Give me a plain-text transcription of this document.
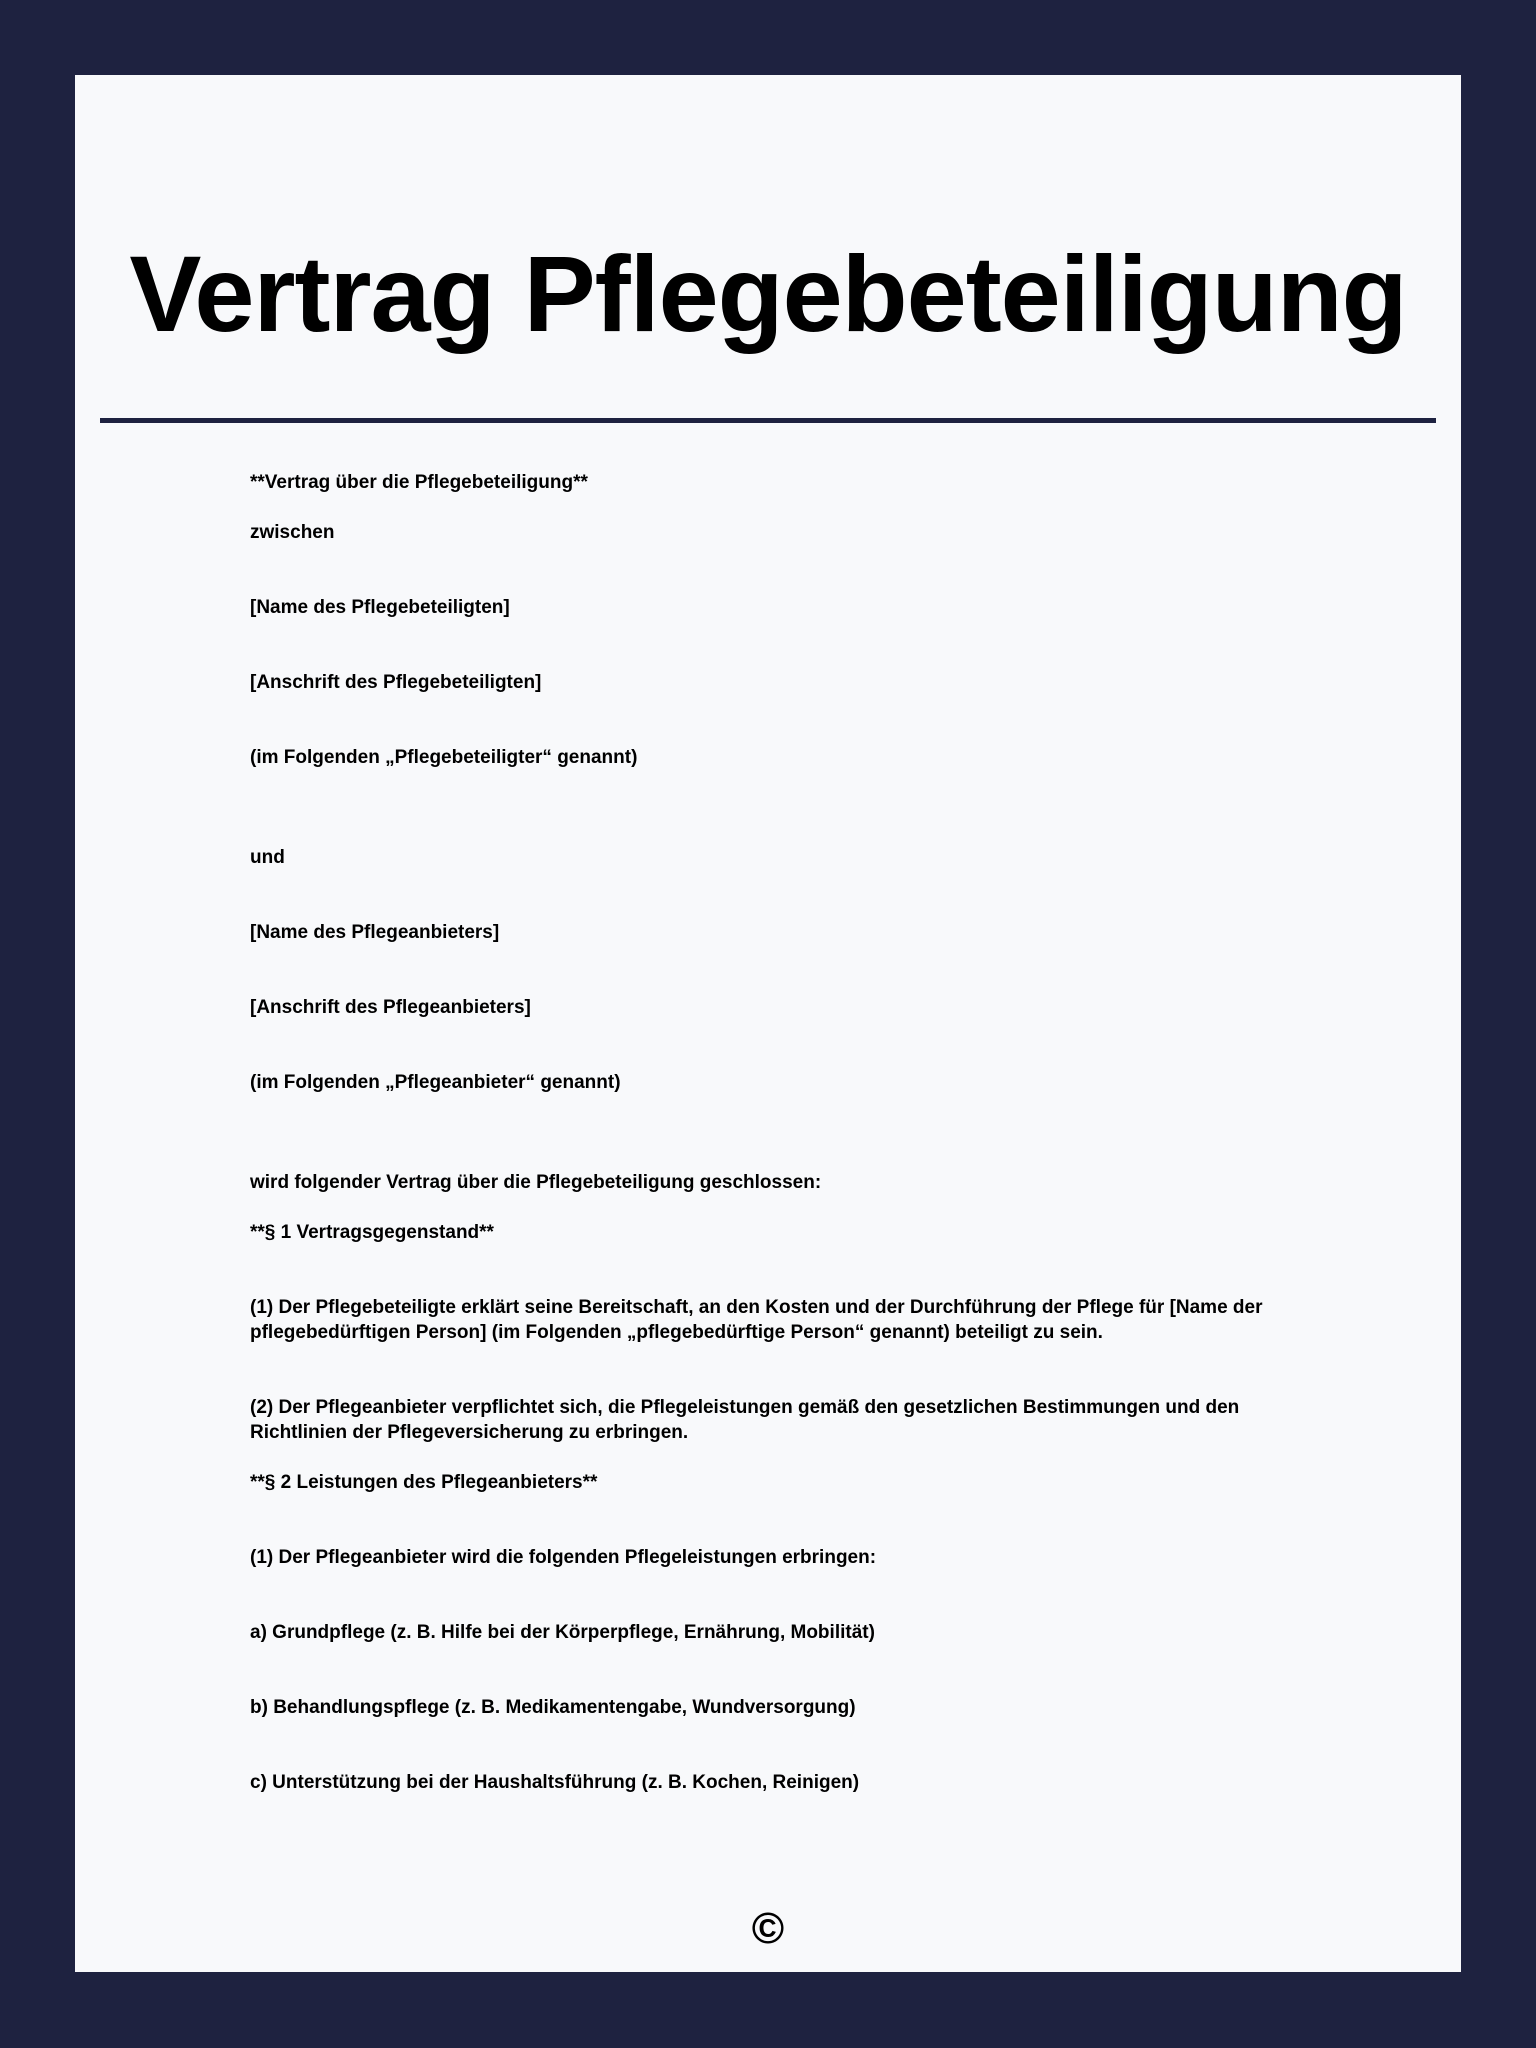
Vertrag Pflegebeteiligung

**Vertrag über die Pflegebeteiligung**

zwischen

[Name des Pflegebeteiligten]

[Anschrift des Pflegebeteiligten]

(im Folgenden „Pflegebeteiligter“ genannt)

und

[Name des Pflegeanbieters]

[Anschrift des Pflegeanbieters]

(im Folgenden „Pflegeanbieter“ genannt)

wird folgender Vertrag über die Pflegebeteiligung geschlossen:

**§ 1 Vertragsgegenstand**

(1) Der Pflegebeteiligte erklärt seine Bereitschaft, an den Kosten und der Durchführung der Pflege für [Name der pflegebedürftigen Person] (im Folgenden „pflegebedürftige Person“ genannt) beteiligt zu sein.

(2) Der Pflegeanbieter verpflichtet sich, die Pflegeleistungen gemäß den gesetzlichen Bestimmungen und den Richtlinien der Pflegeversicherung zu erbringen.

**§ 2 Leistungen des Pflegeanbieters**

(1) Der Pflegeanbieter wird die folgenden Pflegeleistungen erbringen:

a) Grundpflege (z. B. Hilfe bei der Körperpflege, Ernährung, Mobilität)

b) Behandlungspflege (z. B. Medikamentengabe, Wundversorgung)

c) Unterstützung bei der Haushaltsführung (z. B. Kochen, Reinigen)

©
